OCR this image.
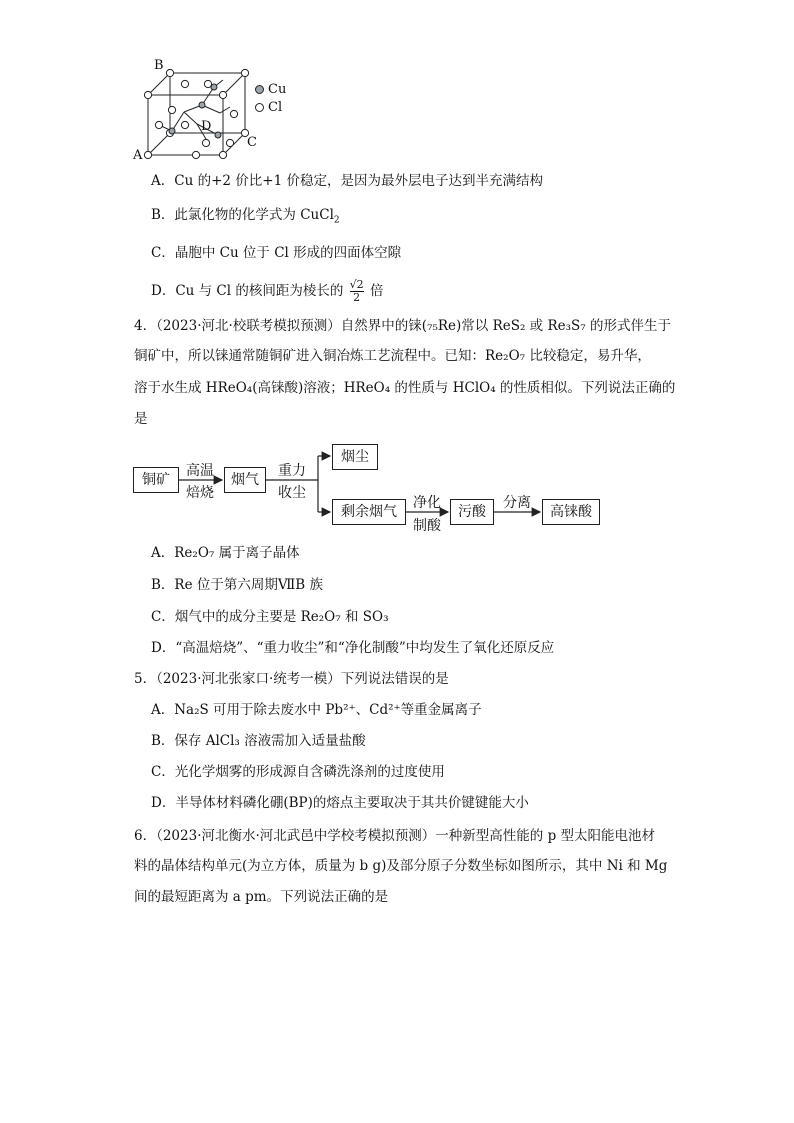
B
A
C
D
Cu
Cl
A．Cu 的+2 价比+1 价稳定，是因为最外层电子达到半充满结构
B．此氯化物的化学式为 CuCl$_2$
C．晶胞中 Cu 位于 Cl 形成的四面体空隙
D．Cu 与 Cl 的核间距为棱长的 $\frac{√2}{2}$ 倍
4．（2023·河北·校联考模拟预测）自然界中的铼(₇₅Re)常以 ReS₂ 或 Re₃S₇ 的形式伴生于
铜矿中，所以铼通常随铜矿进入铜冶炼工艺流程中。已知：Re₂O₇ 比较稳定，易升华，
溶于水生成 HReO₄(高铼酸)溶液；HReO₄ 的性质与 HClO₄ 的性质相似。下列说法正确的
是
铜矿
高温
焙烧
烟气
重力
收尘
烟尘
剩余烟气
净化
制酸
污酸
分离
高铼酸
A．Re₂O₇ 属于离子晶体
B．Re 位于第六周期ⅦB 族
C．烟气中的成分主要是 Re₂O₇ 和 SO₃
D．“高温焙烧”、“重力收尘”和“净化制酸”中均发生了氧化还原反应
5．（2023·河北张家口·统考一模）下列说法错误的是
A．Na₂S 可用于除去废水中 Pb²⁺、Cd²⁺等重金属离子
B．保存 AlCl₃ 溶液需加入适量盐酸
C．光化学烟雾的形成源自含磷洗涤剂的过度使用
D．半导体材料磷化硼(BP)的熔点主要取决于其共价键键能大小
6．（2023·河北衡水·河北武邑中学校考模拟预测）一种新型高性能的 p 型太阳能电池材
料的晶体结构单元(为立方体，质量为 b g)及部分原子分数坐标如图所示，其中 Ni 和 Mg
间的最短距离为 a pm。下列说法正确的是
